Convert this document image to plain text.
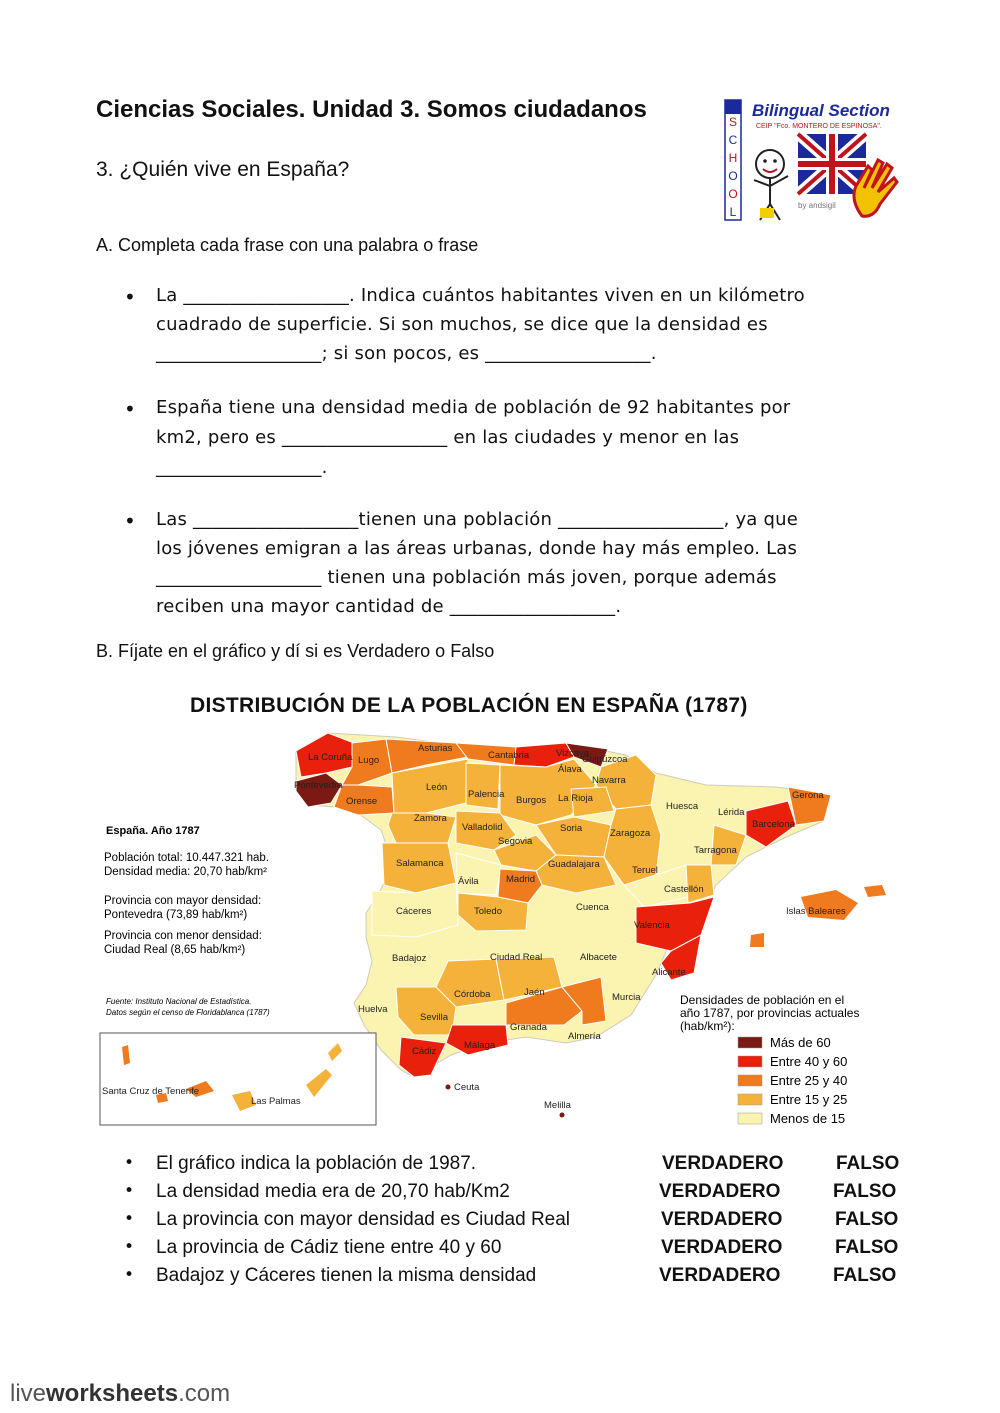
Ciencias Sociales. Unidad 3. Somos ciudadanos
3. ¿Quién vive en España?
Bilingual Section
CEIP "Fco. MONTERO DE ESPINOSA".
S
C
H
O
O
L	by andsigil
A. Completa cada frase con una palabra o frase
• La __________________. Indica cuántos habitantes viven en un kilómetro
cuadrado de superficie. Si son muchos, se dice que la densidad es
__________________; si son pocos, es __________________.
• España tiene una densidad media de población de 92 habitantes por
km2, pero es __________________ en las ciudades y menor en las
__________________.
• Las __________________tienen una población __________________, ya que
los jóvenes emigran a las áreas urbanas, donde hay más empleo. Las
__________________ tienen una población más joven, porque además
reciben una mayor cantidad de __________________.
B. Fíjate en el gráfico y dí si es Verdadero o Falso
DISTRIBUCIÓN DE LA POBLACIÓN EN ESPAÑA (1787)
España. Año 1787
Población total: 10.447.321 hab.
Densidad media: 20,70 hab/km²
Provincia con mayor densidad:
Pontevedra (73,89 hab/km²)
Provincia con menor densidad:
Ciudad Real (8,65 hab/km²)
Fuente: Instituto Nacional de Estadística.
Datos según el censo de Floridablanca (1787)
La Coruña Lugo
Asturias
Cantabria	Vizcaya
Guipúzcoa
Álava
Navarra
Pontevedra
Orense
León
Palencia
Burgos La Rioja
Huesca
Lérida
Gerona
Barcelona
Zamora
Valladolid	Soria	Zaragoza
Tarragona
Segovia
Salamanca	Guadalajara
Ávila	Madrid
Teruel
Castellón
Cáceres	Toledo	Cuenca	Islas Baleares
Valencia
Badajoz	Ciudad Real	Albacete
Alicante
Córdoba	Jaén
Huelva
Murcia
Sevilla
Granada
Almería
Cádiz
Málaga
Ceuta
Melilla
Santa Cruz de Tenerife
Las Palmas
Densidades de población en el
año 1787, por provincias actuales
(hab/km²):
Más de 60
Entre 40 y 60
Entre 25 y 40
Entre 15 y 25
Menos de 15
• El gráfico indica la población de 1987.	VERDADERO	FALSO
• La densidad media era de 20,70 hab/Km2	VERDADERO	FALSO
• La provincia con mayor densidad es Ciudad Real	VERDADERO	FALSO
• La provincia de Cádiz tiene entre 40 y 60	VERDADERO	FALSO
• Badajoz y Cáceres tienen la misma densidad	VERDADERO	FALSO
liveworksheets.com
